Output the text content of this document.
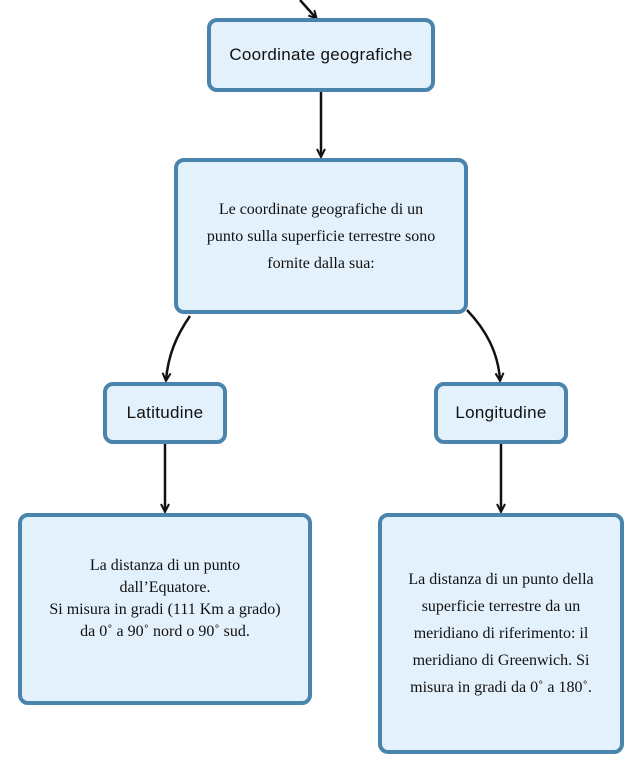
Coordinate geografiche
Le coordinate geografiche di un
punto sulla superficie terrestre sono
fornite dalla sua:
Latitudine	Longitudine
La distanza di un punto
dall’Equatore.
Si misura in gradi (111 Km a grado)
da 0˚ a 90˚ nord o 90˚ sud.
La distanza di un punto della
superficie terrestre da un
meridiano di riferimento: il
meridiano di Greenwich. Si
misura in gradi da 0˚ a 180˚.
